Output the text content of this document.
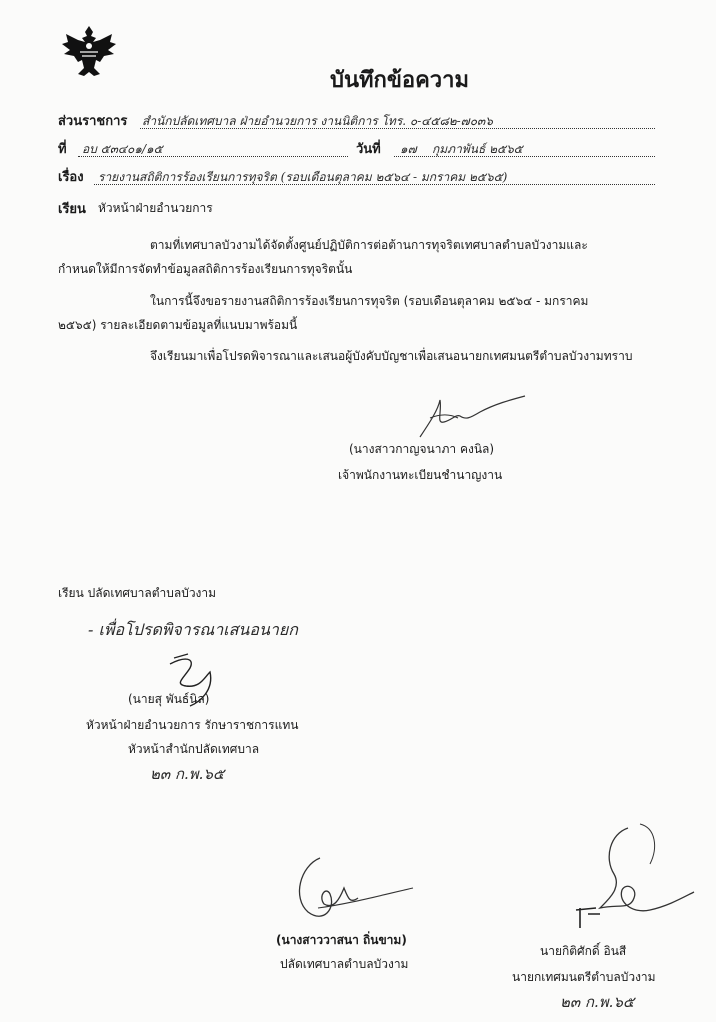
บันทึกข้อความ
ส่วนราชการ สำนักปลัดเทศบาล ฝ่ายอำนวยการ งานนิติการ โทร. ๐-๔๕๘๒-๗๐๓๖
ที่ อบ ๕๓๔๐๑/๑๕	วันที่ ๑๗ กุมภาพันธ์ ๒๕๖๕
เรื่อง รายงานสถิติการร้องเรียนการทุจริต (รอบเดือนตุลาคม ๒๕๖๔ - มกราคม ๒๕๖๕)
เรียน หัวหน้าฝ่ายอำนวยการ
ตามที่เทศบาลบัวงามได้จัดตั้งศูนย์ปฏิบัติการต่อต้านการทุจริตเทศบาลตำบลบัวงามและ
กำหนดให้มีการจัดทำข้อมูลสถิติการร้องเรียนการทุจริตนั้น
ในการนี้จึงขอรายงานสถิติการร้องเรียนการทุจริต (รอบเดือนตุลาคม ๒๕๖๔ - มกราคม
๒๕๖๕) รายละเอียดตามข้อมูลที่แนบมาพร้อมนี้
จึงเรียนมาเพื่อโปรดพิจารณาและเสนอผู้บังคับบัญชาเพื่อเสนอนายกเทศมนตรีตำบลบัวงามทราบ
(นางสาวกาญจนาภา คงนิล)
เจ้าพนักงานทะเบียนชำนาญงาน
เรียน ปลัดเทศบาลตำบลบัวงาม
- เพื่อโปรดพิจารณาเสนอนายก
(นายสุ พันธ์นิล)
หัวหน้าฝ่ายอำนวยการ รักษาราชการแทน
หัวหน้าสำนักปลัดเทศบาล
๒๓ ก.พ.๖๕
(นางสาววาสนา ถิ่นขาม)
ปลัดเทศบาลตำบลบัวงาม
นายกิติศักดิ์ อินสี
นายกเทศมนตรีตำบลบัวงาม
๒๓ ก.พ.๖๕
